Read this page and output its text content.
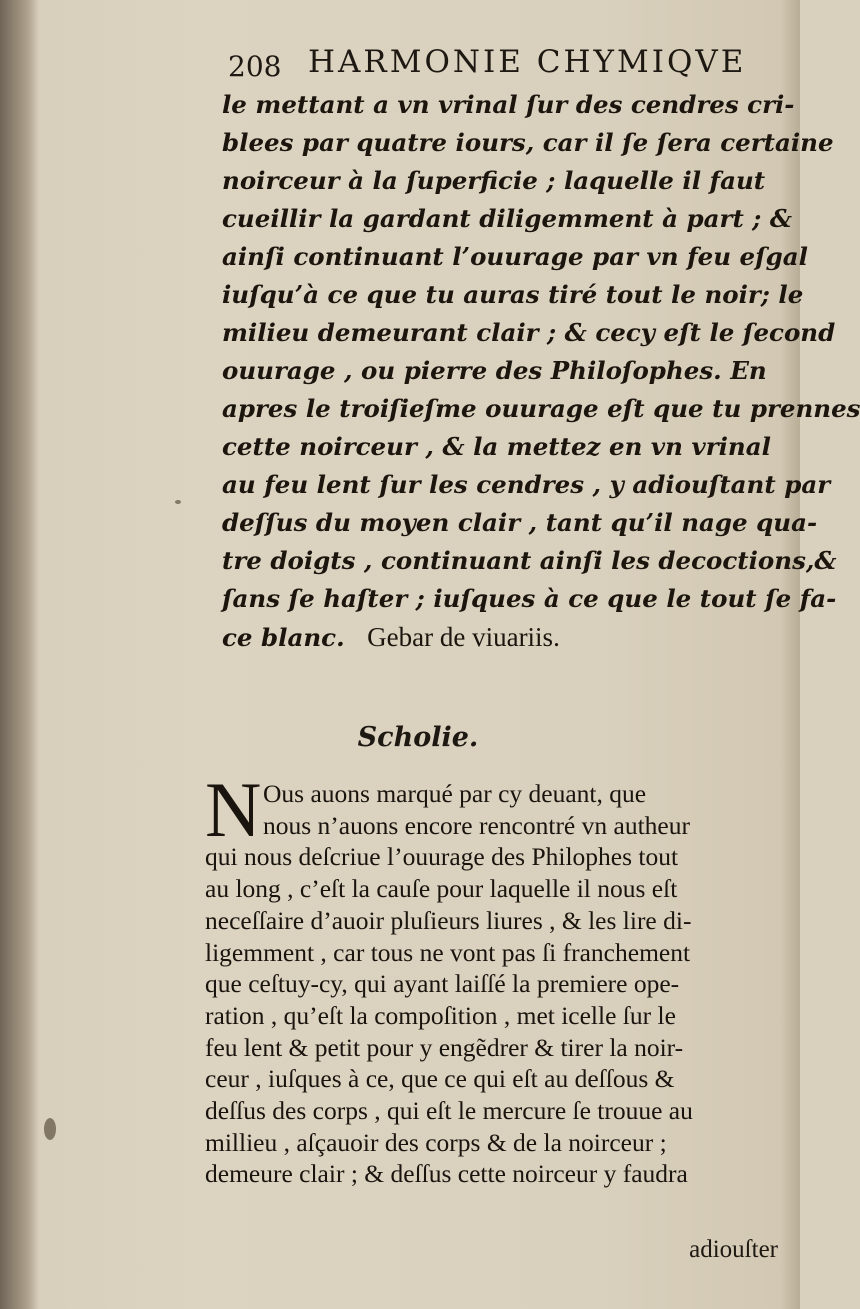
208 HARMONIE CHYMIQVE
le mettant a vn vrinal ſur des cendres cri-
blees par quatre iours, car il ſe ſera certaine
noirceur à la ſuperficie ; laquelle il faut
cueillir la gardant diligemment à part ; &
ainſi continuant l’ouurage par vn feu eſgal
iuſqu’à ce que tu auras tiré tout le noir; le
milieu demeurant clair ; & cecy eſt le ſecond
ouurage , ou pierre des Philoſophes. En
apres le troiſieſme ouurage eſt que tu prennes
cette noirceur , & la mettez en vn vrinal
au feu lent ſur les cendres , y adiouſtant par
deſſus du moyen clair , tant qu’il nage qua-
tre doigts , continuant ainſi les decoctions,&
ſans ſe haſter ; iuſques à ce que le tout ſe fa-
ce blanc. Gebar de viuariis.
Scholie.
N Ous auons marqué par cy deuant, que
nous n’auons encore rencontré vn autheur
qui nous deſcriue l’ouurage des Philophes tout
au long , c’eſt la cauſe pour laquelle il nous eſt
neceſſaire d’auoir pluſieurs liures , & les lire di-
ligemment , car tous ne vont pas ſi franchement
que ceſtuy-cy, qui ayant laiſſé la premiere ope-
ration , qu’eſt la compoſition , met icelle ſur le
feu lent & petit pour y engẽdrer & tirer la noir-
ceur , iuſques à ce, que ce qui eſt au deſſous &
deſſus des corps , qui eſt le mercure ſe trouue au
millieu , aſçauoir des corps & de la noirceur ;
demeure clair ; & deſſus cette noirceur y faudra
adiouſter
